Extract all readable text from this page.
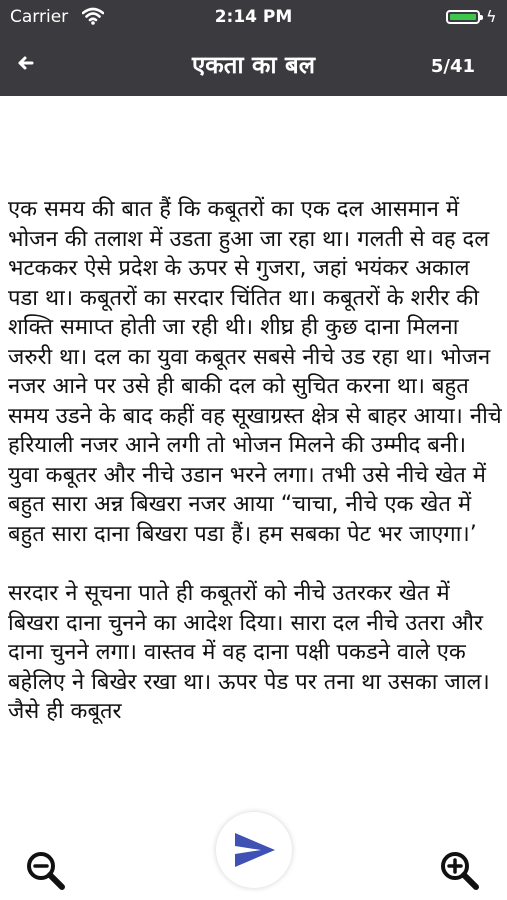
Carrier	2:14 PM	ϟ
एकता का बल	5/41

एक समय की बात हैं कि कबूतरों का एक दल आसमान में भोजन की तलाश में उडता हुआ जा रहा था। गलती से वह दल भटककर ऐसे प्रदेश के ऊपर से गुजरा, जहां भयंकर अकाल पडा था। कबूतरों का सरदार चिंतित था। कबूतरों के शरीर की शक्ति समाप्त होती जा रही थी। शीघ्र ही कुछ दाना मिलना जरुरी था। दल का युवा कबूतर सबसे नीचे उड रहा था। भोजन नजर आने पर उसे ही बाकी दल को सुचित करना था। बहुत समय उडने के बाद कहीं वह सूखाग्रस्त क्षेत्र से बाहर आया। नीचे हरियाली नजर आने लगी तो भोजन मिलने की उम्मीद बनी। युवा कबूतर और नीचे उडान भरने लगा। तभी उसे नीचे खेत में बहुत सारा अन्न बिखरा नजर आया “चाचा, नीचे एक खेत में बहुत सारा दाना बिखरा पडा हैं। हम सबका पेट भर जाएगा।’

सरदार ने सूचना पाते ही कबूतरों को नीचे उतरकर खेत में बिखरा दाना चुनने का आदेश दिया। सारा दल नीचे उतरा और दाना चुनने लगा। वास्तव में वह दाना पक्षी पकडने वाले एक बहेलिए ने बिखेर रखा था। ऊपर पेड पर तना था उसका जाल। जैसे ही कबूतर
